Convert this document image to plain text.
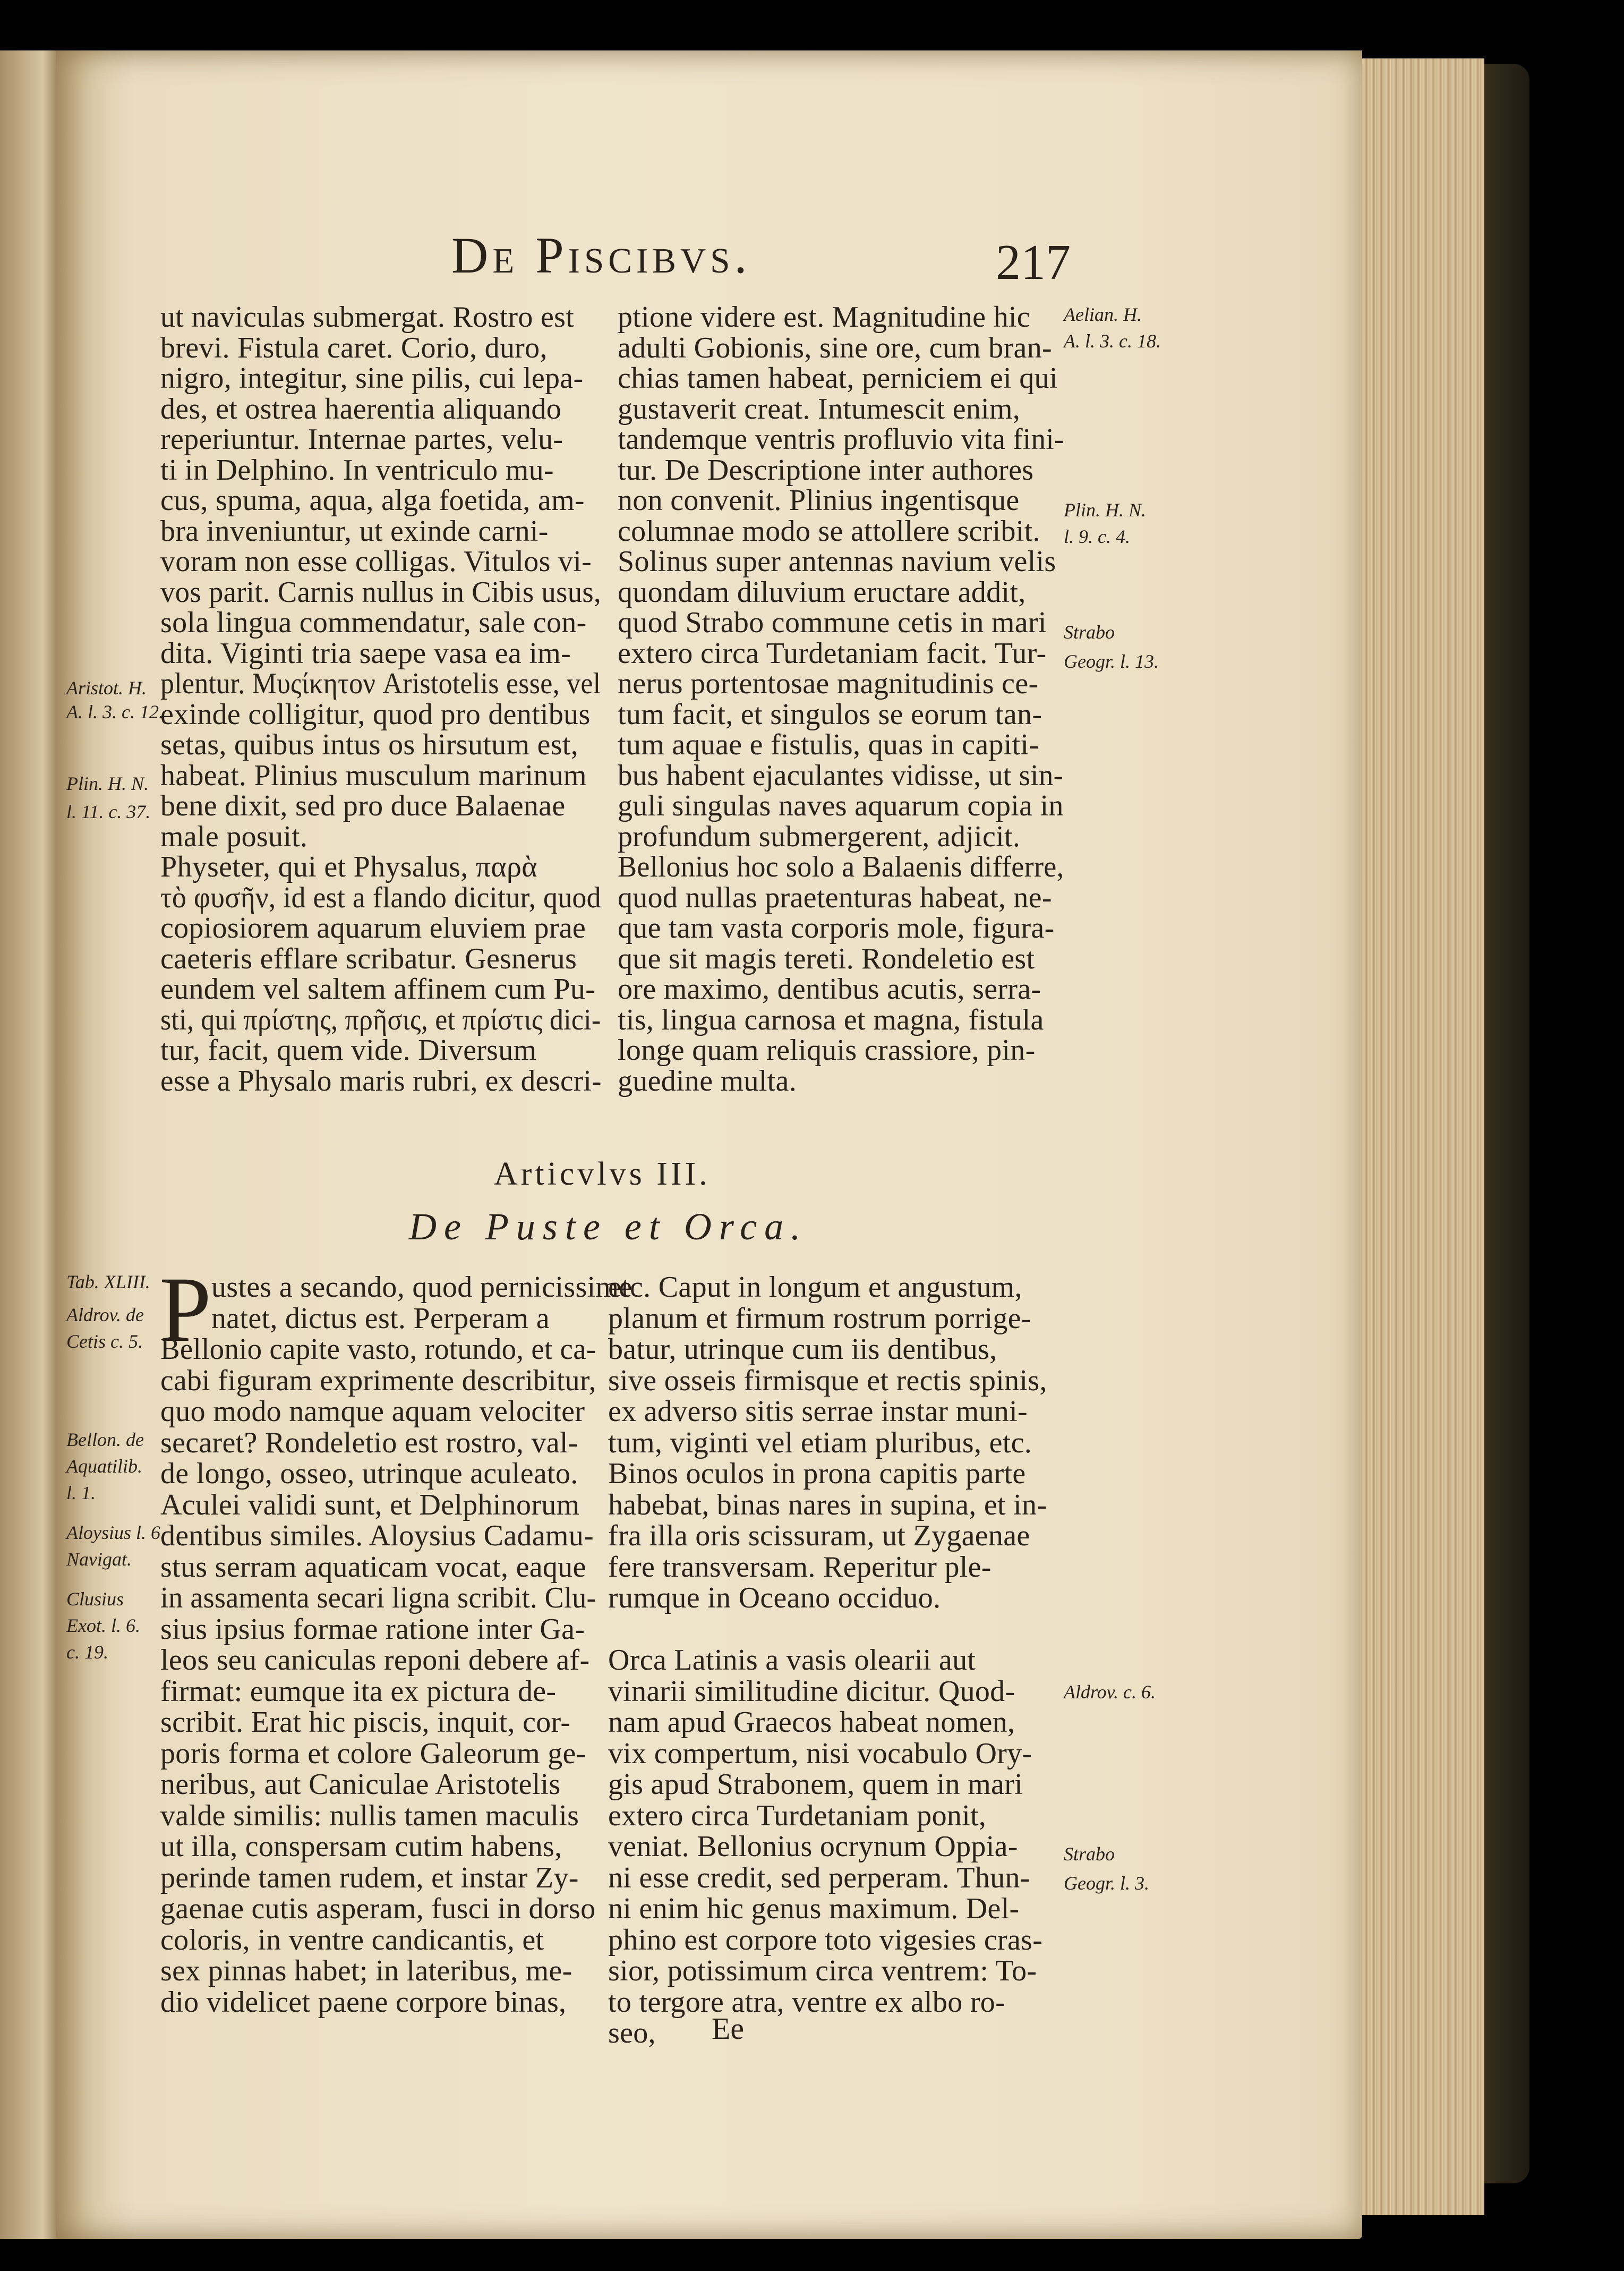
De Piscibvs.	217
ut naviculas submergat. Rostro est
brevi. Fistula caret. Corio, duro,
nigro, integitur, sine pilis, cui lepa-
des, et ostrea haerentia aliquando
reperiuntur. Internae partes, velu-
ti in Delphino. In ventriculo mu-
cus, spuma, aqua, alga foetida, am-
bra inveniuntur, ut exinde carni-
voram non esse colligas. Vitulos vi-
vos parit. Carnis nullus in Cibis usus,
sola lingua commendatur, sale con-
dita. Viginti tria saepe vasa ea im-
plentur. Μυςίκητον Aristotelis esse, vel
exinde colligitur, quod pro dentibus
setas, quibus intus os hirsutum est,
habeat. Plinius musculum marinum
bene dixit, sed pro duce Balaenae
male posuit.
Physeter, qui et Physalus, παρὰ
τὸ φυσῆν, id est a flando dicitur, quod
copiosiorem aquarum eluviem prae
caeteris efflare scribatur. Gesnerus
eundem vel saltem affinem cum Pu-
sti, qui πρίστης, πρῆσις, et πρίστις dici-
tur, facit, quem vide. Diversum
esse a Physalo maris rubri, ex descri-
ptione videre est. Magnitudine hic
adulti Gobionis, sine ore, cum bran-
chias tamen habeat, perniciem ei qui
gustaverit creat. Intumescit enim,
tandemque ventris profluvio vita fini-
tur. De Descriptione inter authores
non convenit. Plinius ingentisque
columnae modo se attollere scribit.
Solinus super antennas navium velis
quondam diluvium eructare addit,
quod Strabo commune cetis in mari
extero circa Turdetaniam facit. Tur-
nerus portentosae magnitudinis ce-
tum facit, et singulos se eorum tan-
tum aquae e fistulis, quas in capiti-
bus habent ejaculantes vidisse, ut sin-
guli singulas naves aquarum copia in
profundum submergerent, adjicit.
Bellonius hoc solo a Balaenis differre,
quod nullas praetenturas habeat, ne-
que tam vasta corporis mole, figura-
que sit magis tereti. Rondeletio est
ore maximo, dentibus acutis, serra-
tis, lingua carnosa et magna, fistula
longe quam reliquis crassiore, pin-
guedine multa.
Articvlvs III.
De Puste et Orca.
P ustes a secando, quod pernicissime
natet, dictus est. Perperam a
Bellonio capite vasto, rotundo, et ca-
cabi figuram exprimente describitur,
quo modo namque aquam velociter
secaret? Rondeletio est rostro, val-
de longo, osseo, utrinque aculeato.
Aculei validi sunt, et Delphinorum
dentibus similes. Aloysius Cadamu-
stus serram aquaticam vocat, eaque
in assamenta secari ligna scribit. Clu-
sius ipsius formae ratione inter Ga-
leos seu caniculas reponi debere af-
firmat: eumque ita ex pictura de-
scribit. Erat hic piscis, inquit, cor-
poris forma et colore Galeorum ge-
neribus, aut Caniculae Aristotelis
valde similis: nullis tamen maculis
ut illa, conspersam cutim habens,
perinde tamen rudem, et instar Zy-
gaenae cutis asperam, fusci in dorso
coloris, in ventre candicantis, et
sex pinnas habet; in lateribus, me-
dio videlicet paene corpore binas,
etc. Caput in longum et angustum,
planum et firmum rostrum porrige-
batur, utrinque cum iis dentibus,
sive osseis firmisque et rectis spinis,
ex adverso sitis serrae instar muni-
tum, viginti vel etiam pluribus, etc.
Binos oculos in prona capitis parte
habebat, binas nares in supina, et in-
fra illa oris scissuram, ut Zygaenae
fere transversam. Reperitur ple-
rumque in Oceano occiduo.
Orca Latinis a vasis olearii aut
vinarii similitudine dicitur. Quod-
nam apud Graecos habeat nomen,
vix compertum, nisi vocabulo Ory-
gis apud Strabonem, quem in mari
extero circa Turdetaniam ponit,
veniat. Bellonius ocrynum Oppia-
ni esse credit, sed perperam. Thun-
ni enim hic genus maximum. Del-
phino est corpore toto vigesies cras-
sior, potissimum circa ventrem: To-
to tergore atra, ventre ex albo ro-
seo,
Aristot. H.
A. l. 3. c. 12.
Plin. H. N.
l. 11. c. 37.
Tab. XLIII.
Aldrov. de
Cetis c. 5.
Bellon. de
Aquatilib.
l. 1.
Aloysius l. 6.
Navigat.
Clusius
Exot. l. 6.
c. 19.
Aelian. H.
A. l. 3. c. 18.
Plin. H. N.
l. 9. c. 4.
Strabo
Geogr. l. 13.
Aldrov. c. 6.
Strabo
Geogr. l. 3.
Ee
